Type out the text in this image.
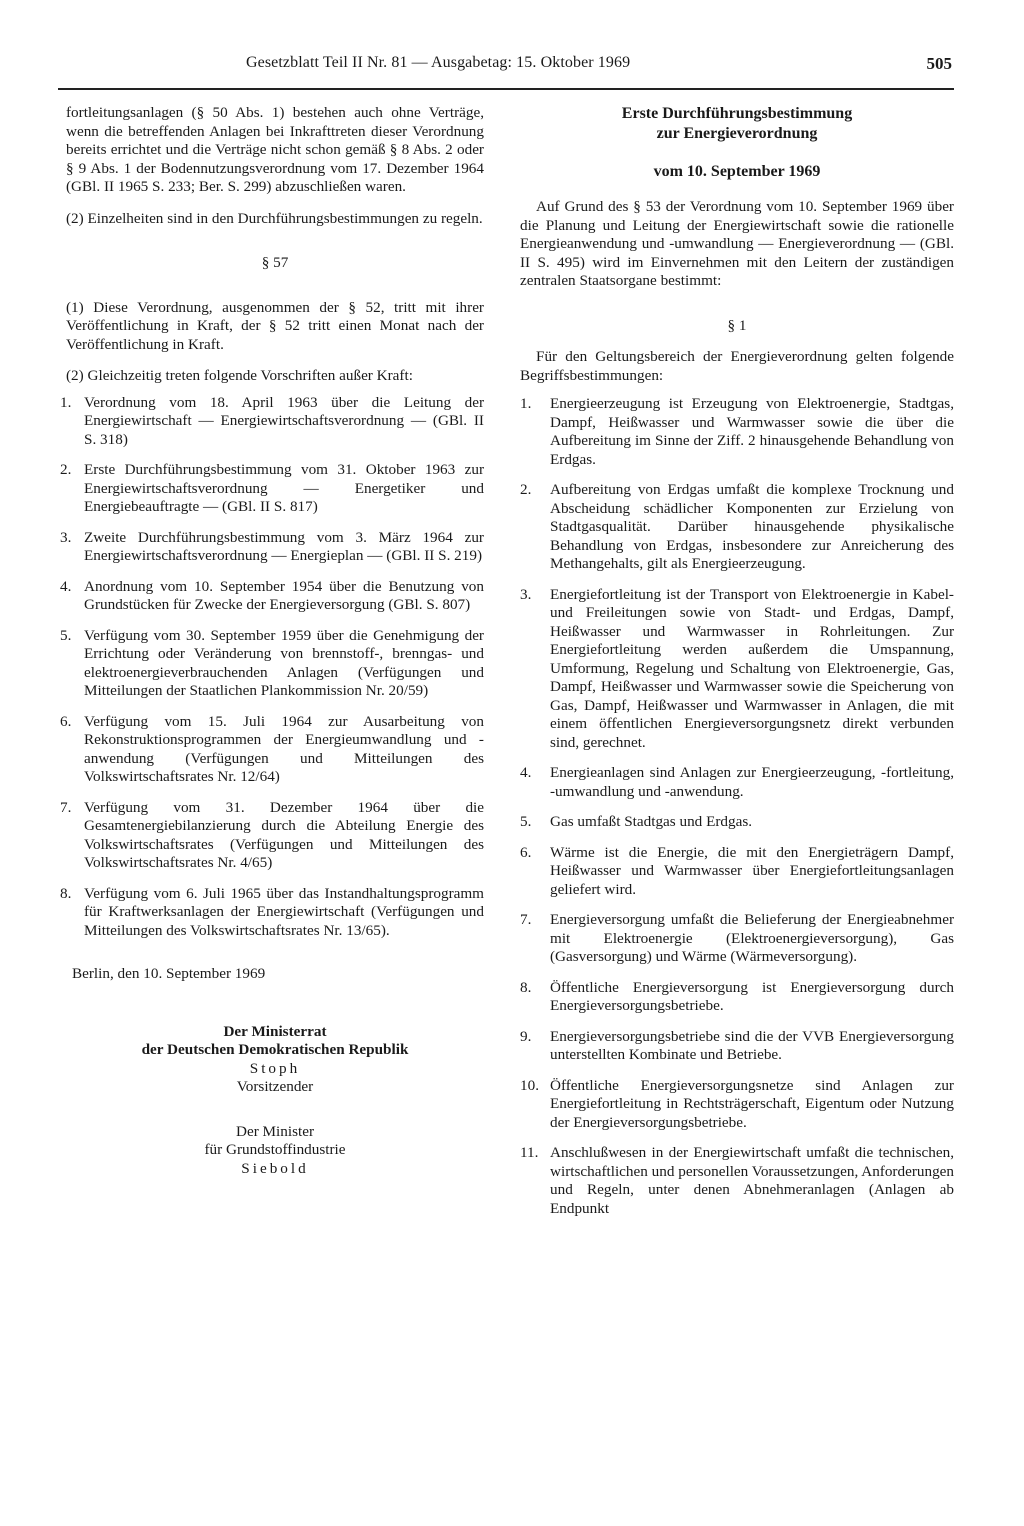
Gesetzblatt Teil II Nr. 81 — Ausgabetag: 15. Oktober 1969	505

fortleitungsanlagen (§ 50 Abs. 1) bestehen auch ohne Verträge, wenn die betreffenden Anlagen bei Inkrafttreten dieser Verordnung bereits errichtet und die Verträge nicht schon gemäß § 8 Abs. 2 oder § 9 Abs. 1 der Bodennutzungsverordnung vom 17. Dezember 1964 (GBl. II 1965 S. 233; Ber. S. 299) abzuschließen waren.

(2) Einzelheiten sind in den Durchführungsbestimmungen zu regeln.

§ 57

(1) Diese Verordnung, ausgenommen der § 52, tritt mit ihrer Veröffentlichung in Kraft, der § 52 tritt einen Monat nach der Veröffentlichung in Kraft.

(2) Gleichzeitig treten folgende Vorschriften außer Kraft:

1. Verordnung vom 18. April 1963 über die Leitung der Energiewirtschaft — Energiewirtschaftsverordnung — (GBl. II S. 318)
2. Erste Durchführungsbestimmung vom 31. Oktober 1963 zur Energiewirtschaftsverordnung — Energetiker und Energiebeauftragte — (GBl. II S. 817)
3. Zweite Durchführungsbestimmung vom 3. März 1964 zur Energiewirtschaftsverordnung — Energieplan — (GBl. II S. 219)
4. Anordnung vom 10. September 1954 über die Benutzung von Grundstücken für Zwecke der Energieversorgung (GBl. S. 807)
5. Verfügung vom 30. September 1959 über die Genehmigung der Errichtung oder Veränderung von brennstoff-, brenngas- und elektroenergieverbrauchenden Anlagen (Verfügungen und Mitteilungen der Staatlichen Plankommission Nr. 20/59)
6. Verfügung vom 15. Juli 1964 zur Ausarbeitung von Rekonstruktionsprogrammen der Energieumwandlung und -anwendung (Verfügungen und Mitteilungen des Volkswirtschaftsrates Nr. 12/64)
7. Verfügung vom 31. Dezember 1964 über die Gesamtenergiebilanzierung durch die Abteilung Energie des Volkswirtschaftsrates (Verfügungen und Mitteilungen des Volkswirtschaftsrates Nr. 4/65)
8. Verfügung vom 6. Juli 1965 über das Instandhaltungsprogramm für Kraftwerksanlagen der Energiewirtschaft (Verfügungen und Mitteilungen des Volkswirtschaftsrates Nr. 13/65).

Berlin, den 10. September 1969

Der Ministerrat

der Deutschen Demokratischen Republik

Stoph

Vorsitzender

Der Minister

für Grundstoffindustrie

Siebold

Erste Durchführungsbestimmung

zur Energieverordnung

vom 10. September 1969

Auf Grund des § 53 der Verordnung vom 10. September 1969 über die Planung und Leitung der Energiewirtschaft sowie die rationelle Energieanwendung und -umwandlung — Energieverordnung — (GBl. II S. 495) wird im Einvernehmen mit den Leitern der zuständigen zentralen Staatsorgane bestimmt:

§ 1

Für den Geltungsbereich der Energieverordnung gelten folgende Begriffsbestimmungen:

1.	Energieerzeugung ist Erzeugung von Elektroenergie, Stadtgas, Dampf, Heißwasser und Warmwasser sowie die über die Aufbereitung im Sinne der Ziff. 2 hinausgehende Behandlung von Erdgas.
2.	Aufbereitung von Erdgas umfaßt die komplexe Trocknung und Abscheidung schädlicher Komponenten zur Erzielung von Stadtgasqualität. Darüber hinausgehende physikalische Behandlung von Erdgas, insbesondere zur Anreicherung des Methangehalts, gilt als Energieerzeugung.
3.	Energiefortleitung ist der Transport von Elektroenergie in Kabel- und Freileitungen sowie von Stadt- und Erdgas, Dampf, Heißwasser und Warmwasser in Rohrleitungen. Zur Energiefortleitung werden außerdem die Umspannung, Umformung, Regelung und Schaltung von Elektroenergie, Gas, Dampf, Heißwasser und Warmwasser sowie die Speicherung von Gas, Dampf, Heißwasser und Warmwasser in Anlagen, die mit einem öffentlichen Energieversorgungsnetz direkt verbunden sind, gerechnet.
4.	Energieanlagen sind Anlagen zur Energieerzeugung, -fortleitung, -umwandlung und -anwendung.
5.	Gas umfaßt Stadtgas und Erdgas.
6.	Wärme ist die Energie, die mit den Energieträgern Dampf, Heißwasser und Warmwasser über Energiefortleitungsanlagen geliefert wird.
7.	Energieversorgung umfaßt die Belieferung der Energieabnehmer mit Elektroenergie (Elektroenergieversorgung), Gas (Gasversorgung) und Wärme (Wärmeversorgung).
8.	Öffentliche Energieversorgung ist Energieversorgung durch Energieversorgungsbetriebe.
9.	Energieversorgungsbetriebe sind die der VVB Energieversorgung unterstellten Kombinate und Betriebe.
10. Öffentliche Energieversorgungsnetze sind Anlagen zur Energiefortleitung in Rechtsträgerschaft, Eigentum oder Nutzung der Energieversorgungsbetriebe.
11. Anschlußwesen in der Energiewirtschaft umfaßt die technischen, wirtschaftlichen und personellen Voraussetzungen, Anforderungen und Regeln, unter denen Abnehmeranlagen (Anlagen ab Endpunkt
